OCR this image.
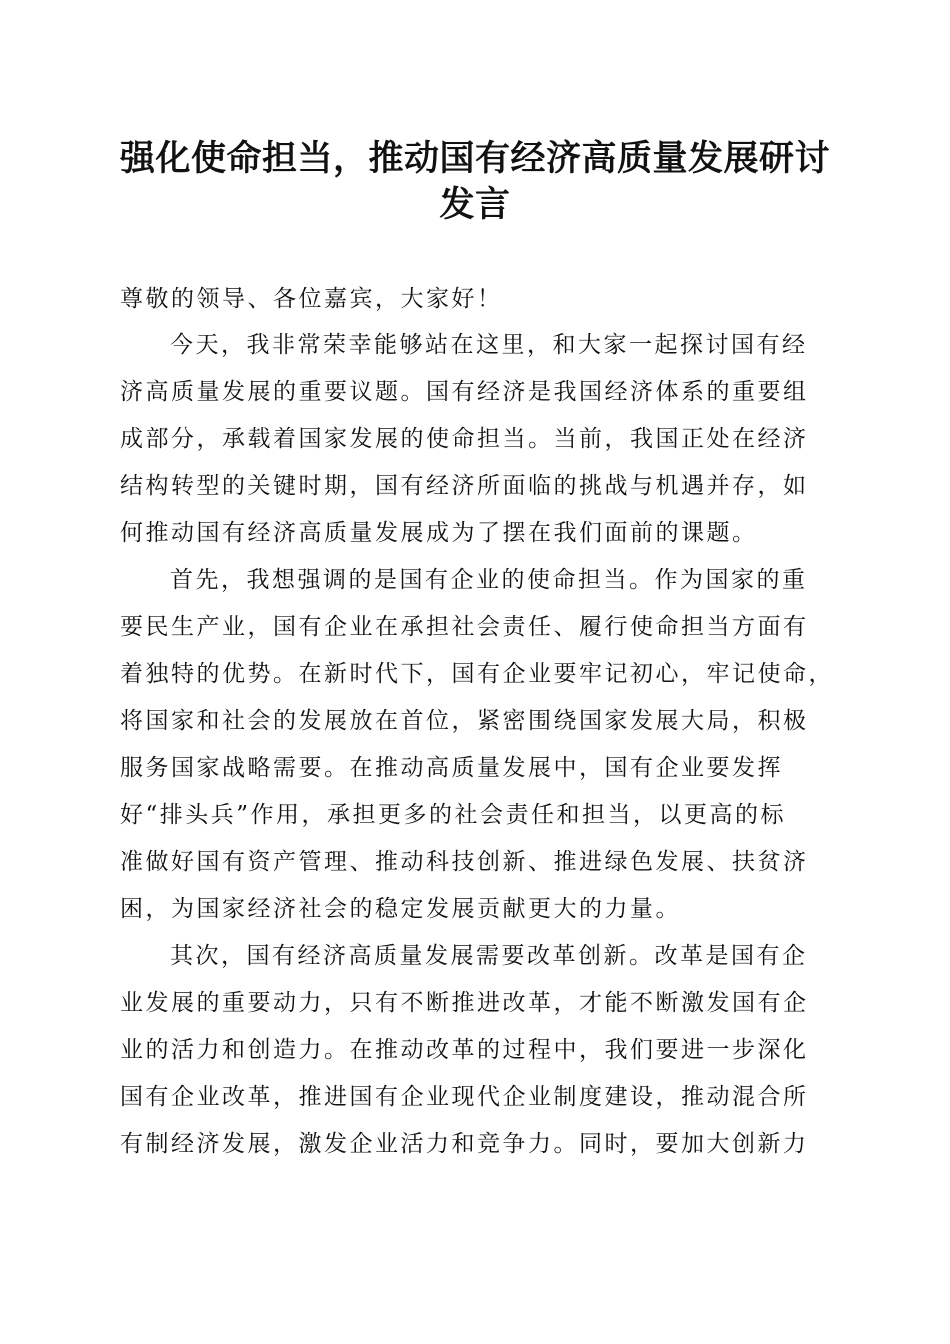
强化使命担当，推动国有经济高质量发展研讨
发言

尊敬的领导、各位嘉宾，大家好！

今天，我非常荣幸能够站在这里，和大家一起探讨国有经
济高质量发展的重要议题。国有经济是我国经济体系的重要组
成部分，承载着国家发展的使命担当。当前，我国正处在经济
结构转型的关键时期，国有经济所面临的挑战与机遇并存，如
何推动国有经济高质量发展成为了摆在我们面前的课题。

首先，我想强调的是国有企业的使命担当。作为国家的重
要民生产业，国有企业在承担社会责任、履行使命担当方面有
着独特的优势。在新时代下，国有企业要牢记初心，牢记使命，
将国家和社会的发展放在首位，紧密围绕国家发展大局，积极
服务国家战略需要。在推动高质量发展中，国有企业要发挥
好“排头兵”作用，承担更多的社会责任和担当，以更高的标
准做好国有资产管理、推动科技创新、推进绿色发展、扶贫济
困，为国家经济社会的稳定发展贡献更大的力量。

其次，国有经济高质量发展需要改革创新。改革是国有企
业发展的重要动力，只有不断推进改革，才能不断激发国有企
业的活力和创造力。在推动改革的过程中，我们要进一步深化
国有企业改革，推进国有企业现代企业制度建设，推动混合所
有制经济发展，激发企业活力和竞争力。同时，要加大创新力
